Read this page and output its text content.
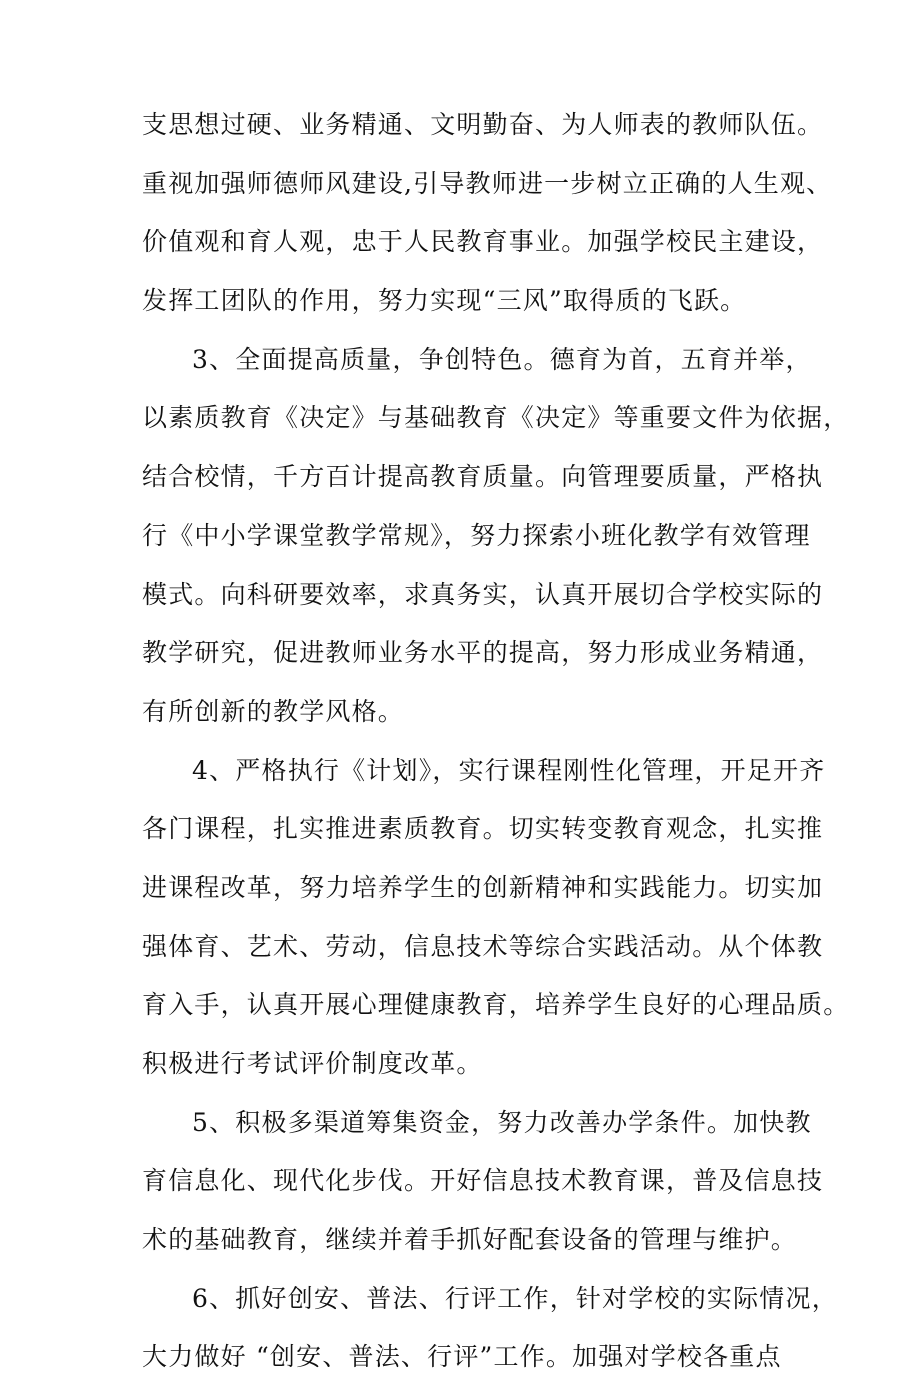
支思想过硬、业务精通、文明勤奋、为人师表的教师队伍。
重视加强师德师风建设,引导教师进一步树立正确的人生观、
价值观和育人观，忠于人民教育事业。加强学校民主建设，
发挥工团队的作用，努力实现“三风”取得质的飞跃。
3、全面提高质量，争创特色。德育为首，五育并举，
以素质教育《决定》与基础教育《决定》等重要文件为依据，
结合校情，千方百计提高教育质量。向管理要质量，严格执
行《中小学课堂教学常规》，努力探索小班化教学有效管理
模式。向科研要效率，求真务实，认真开展切合学校实际的
教学研究，促进教师业务水平的提高，努力形成业务精通，
有所创新的教学风格。
4、严格执行《计划》，实行课程刚性化管理，开足开齐
各门课程，扎实推进素质教育。切实转变教育观念，扎实推
进课程改革，努力培养学生的创新精神和实践能力。切实加
强体育、艺术、劳动，信息技术等综合实践活动。从个体教
育入手，认真开展心理健康教育，培养学生良好的心理品质。
积极进行考试评价制度改革。
5、积极多渠道筹集资金，努力改善办学条件。加快教
育信息化、现代化步伐。开好信息技术教育课，普及信息技
术的基础教育，继续并着手抓好配套设备的管理与维护。
6、抓好创安、普法、行评工作，针对学校的实际情况，
大力做好 “创安、普法、行评”工作。加强对学校各重点
